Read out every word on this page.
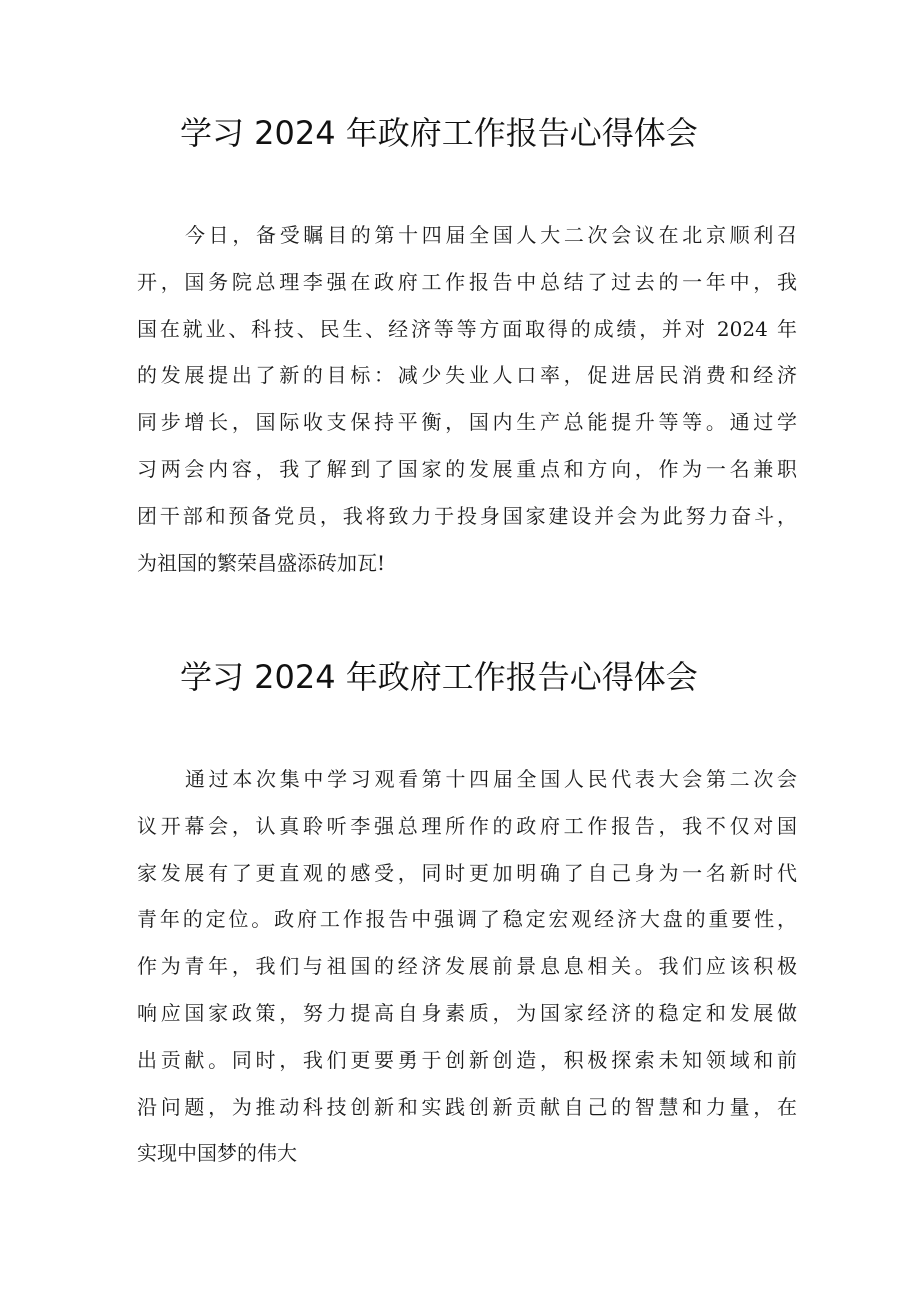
学习 2024 年政府工作报告心得体会
今日，备受瞩目的第十四届全国人大二次会议在北京顺利召
开，国务院总理李强在政府工作报告中总结了过去的一年中，我
国在就业、科技、民生、经济等等方面取得的成绩，并对 2024 年
的发展提出了新的目标：减少失业人口率，促进居民消费和经济
同步增长，国际收支保持平衡，国内生产总能提升等等。通过学
习两会内容，我了解到了国家的发展重点和方向，作为一名兼职
团干部和预备党员，我将致力于投身国家建设并会为此努力奋斗，
为祖国的繁荣昌盛添砖加瓦!
学习 2024 年政府工作报告心得体会
通过本次集中学习观看第十四届全国人民代表大会第二次会
议开幕会，认真聆听李强总理所作的政府工作报告，我不仅对国
家发展有了更直观的感受，同时更加明确了自己身为一名新时代
青年的定位。政府工作报告中强调了稳定宏观经济大盘的重要性，
作为青年，我们与祖国的经济发展前景息息相关。我们应该积极
响应国家政策，努力提高自身素质，为国家经济的稳定和发展做
出贡献。同时，我们更要勇于创新创造，积极探索未知领域和前
沿问题，为推动科技创新和实践创新贡献自己的智慧和力量，在
实现中国梦的伟大
